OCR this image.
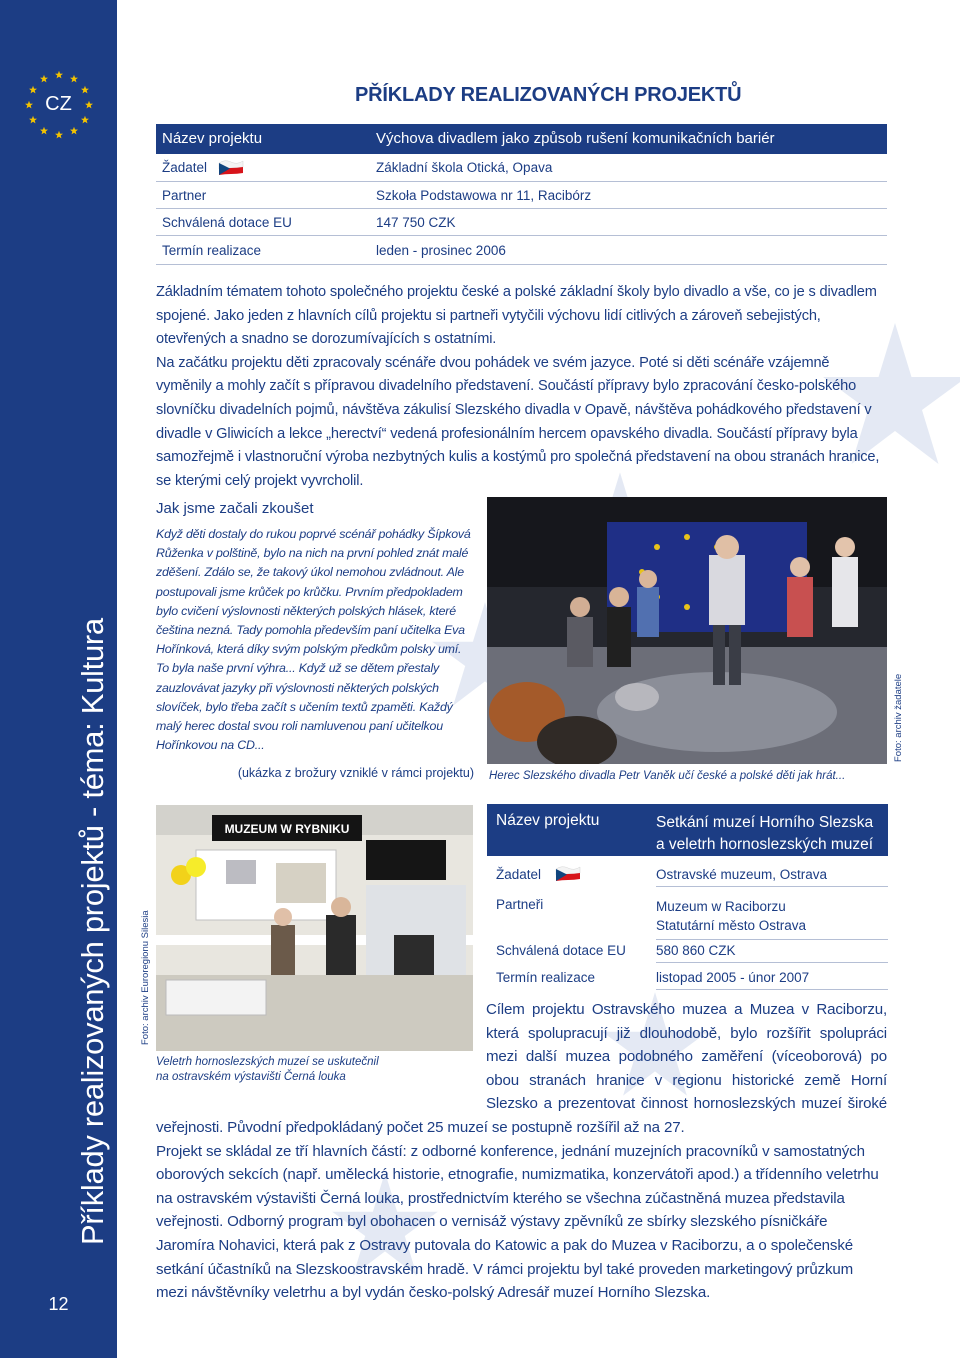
CZ
Příklady realizovaných projektů - téma: Kultura
12
PŘÍKLADY REALIZOVANÝCH PROJEKTŮ
Název projektu	Výchova divadlem jako způsob rušení komunikačních bariér
Žadatel	Základní škola Otická, Opava
Partner	Szkoła Podstawowa nr 11, Racibórz
Schválená dotace EU	147 750 CZK
Termín realizace	leden - prosinec 2006

Základním tématem tohoto společného projektu české a polské základní školy bylo divadlo a vše, co je s divadlem spojené. Jako jeden z hlavních cílů projektu si partneři vytyčili výchovu lidí citlivých a zároveň sebejistých, otevřených a snadno se dorozumívajících s ostatními.

Na začátku projektu děti zpracovaly scénáře dvou pohádek ve svém jazyce. Poté si děti scénáře vzájemně vyměnily a mohly začít s přípravou divadelního představení. Součástí přípravy bylo zpracování česko-polského slovníčku divadelních pojmů, návštěva zákulisí Slezského divadla v Opavě, návštěva pohádkového představení v divadle v Gliwicích a lekce „herectví“ vedená profesionálním hercem opavského divadla. Součástí přípravy byla samozřejmě i vlastnoruční výroba nezbytných kulis a kostýmů pro společná představení na obou stranách hranice, se kterými celý projekt vyvrcholil.

Jak jsme začali zkoušet
Když děti dostaly do rukou poprvé scénář pohádky Šípková Růženka v polštině, bylo na nich na první pohled znát malé zděšení. Zdálo se, že takový úkol nemohou zvládnout. Ale postupovali jsme krůček po krůčku. Prvním předpokladem bylo cvičení výslovnosti některých polských hlásek, které čeština nezná. Tady pomohla především paní učitelka Eva Hořínková, která díky svým polským předkům polsky umí. To byla naše první výhra... Když už se dětem přestaly zauzlovávat jazyky při výslovnosti některých polských slovíček, bylo třeba začít s učením textů zpaměti. Každý malý herec dostal svou roli namluvenou paní učitelkou Hořínkovou na CD...
(ukázka z brožury vzniklé v rámci projektu)
Foto: archiv žadatele
Herec Slezského divadla Petr Vaněk učí české a polské děti jak hrát...
MUZEUM W RYBNIKU
Foto: archiv Euroregionu Silesia
Veletrh hornoslezských muzeí se uskutečnil
na ostravském výstavišti Černá louka
Název projektu	Setkání muzeí Horního Slezska
a veletrh hornoslezských muzeí
Žadatel	Ostravské muzeum, Ostrava
Partneři	Muzeum w Raciborzu
Statutární město Ostrava
Schválená dotace EU 580 860 CZK
Termín realizace	listopad 2005 - únor 2007

Cílem projektu Ostravského muzea a Muzea v Raciborzu, která spolupracují již dlouhodobě, bylo rozšířit spolupráci mezi další muzea podobného zaměření (víceoborová) po obou stranách hranice v regionu historické země Horní Slezsko a prezentovat činnost hornoslezských muzeí široké veřejnosti. Původní předpokládaný počet 25 muzeí se postupně rozšířil až na 27.

Projekt se skládal ze tří hlavních částí: z odborné konference, jednání muzejních pracovníků v samostatných oborových sekcích (např. umělecká historie, etnografie, numizmatika, konzervátoři apod.) a třídenního veletrhu na ostravském výstavišti Černá louka, prostřednictvím kterého se všechna zúčastněná muzea představila veřejnosti. Odborný program byl obohacen o vernisáž výstavy zpěvníků ze sbírky slezského písničkáře Jaromíra Nohavici, která pak z Ostravy putovala do Katowic a pak do Muzea v Raciborzu, a o společenské setkání účastníků na Slezskoostravském hradě. V rámci projektu byl také proveden marketingový průzkum mezi návštěvníky veletrhu a byl vydán česko-polský Adresář muzeí Horního Slezska.
